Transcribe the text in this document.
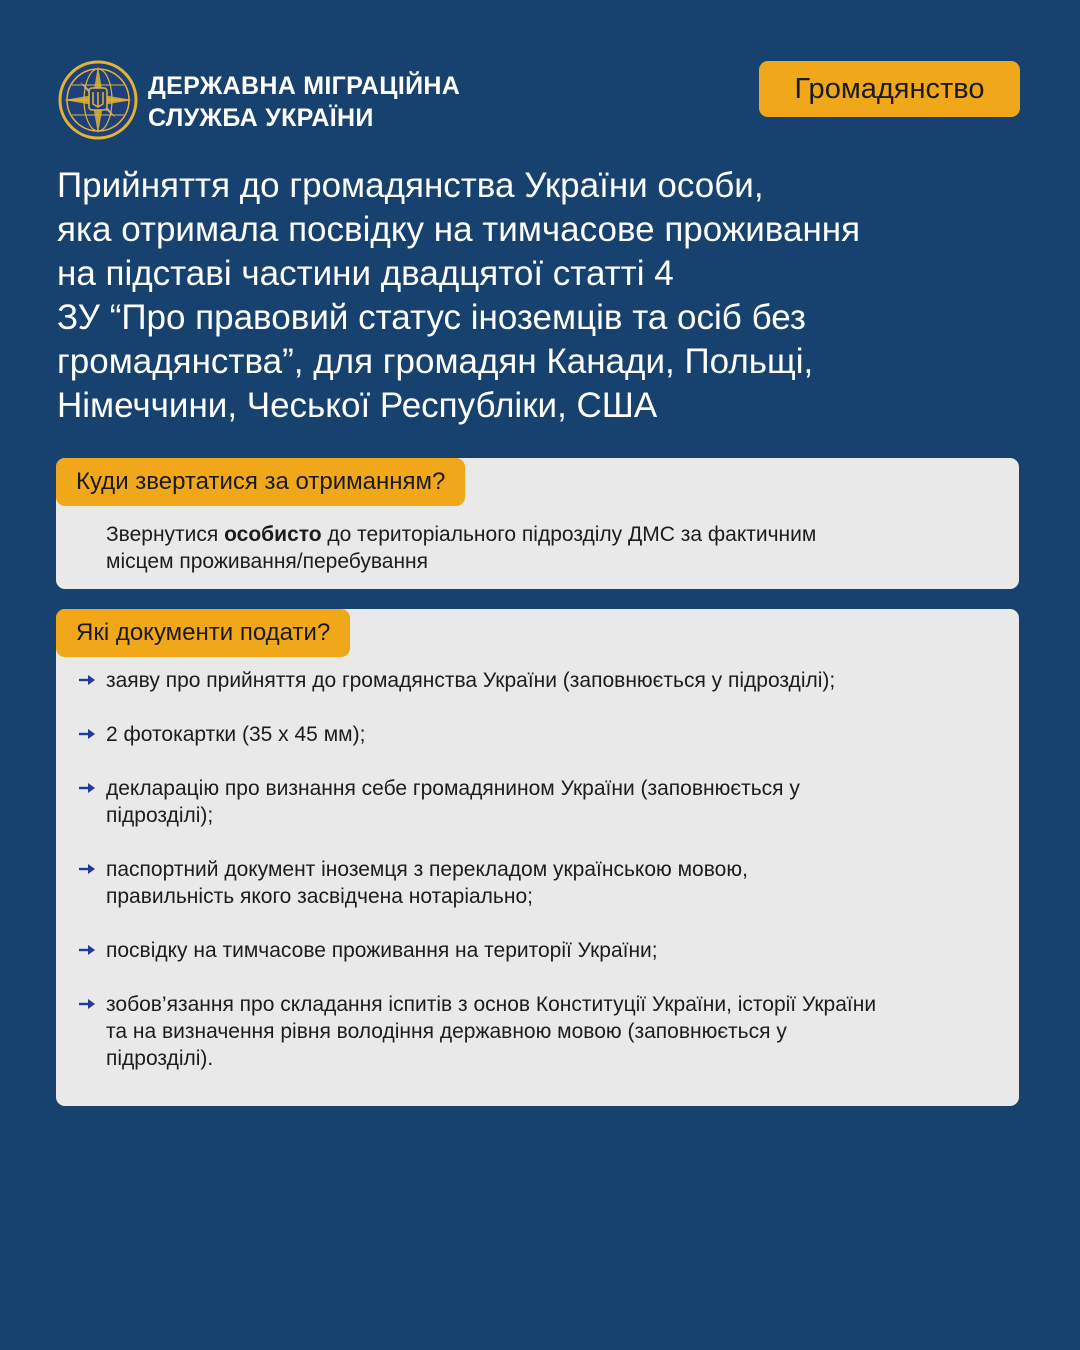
ДЕРЖАВНА МІГРАЦІЙНА
СЛУЖБА УКРАЇНИ
Громадянство
Прийняття до громадянства України особи,
яка отримала посвідку на тимчасове проживання
на підставі частини двадцятої статті 4
ЗУ “Про правовий статус іноземців та осіб без
громадянства”, для громадян Канади, Польщі,
Німеччини, Чеської Республіки, США
Куди звертатися за отриманням?
Звернутися особисто до територіального підрозділу ДМС за фактичним
місцем проживання/перебування
Які документи подати?
заяву про прийняття до громадянства України (заповнюється у підрозділі);
2 фотокартки (35 х 45 мм);
декларацію про визнання себе громадянином України (заповнюється у
підрозділі);
паспортний документ іноземця з перекладом українською мовою,
правильність якого засвідчена нотаріально;
посвідку на тимчасове проживання на території України;
зобов’язання про складання іспитів з основ Конституції України, історії України
та на визначення рівня володіння державною мовою (заповнюється у
підрозділі).
